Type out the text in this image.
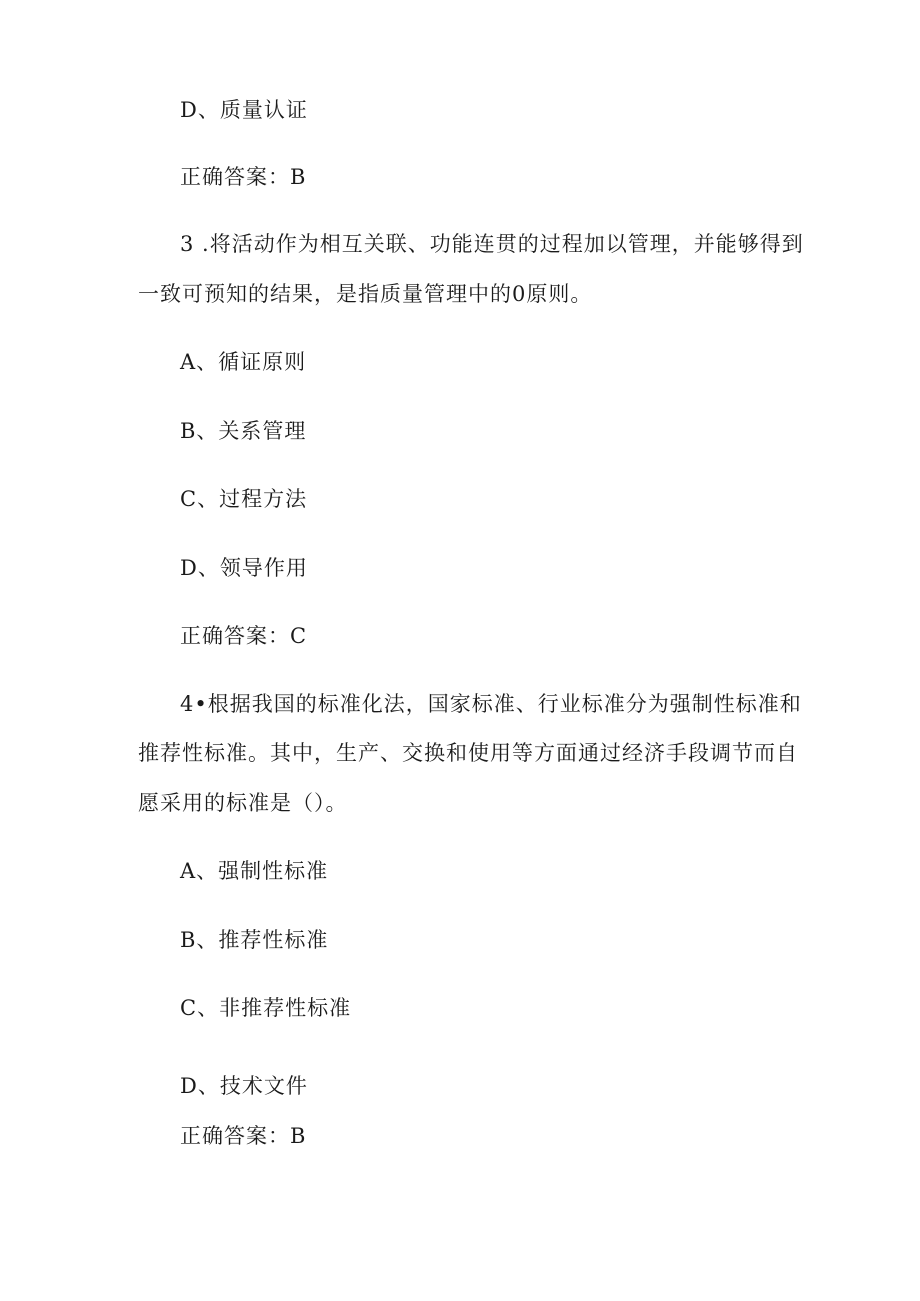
D、质量认证
正确答案：B
3 .将活动作为相互关联、功能连贯的过程加以管理，并能够得到
一致可预知的结果，是指质量管理中的0原则。
A、循证原则
B、关系管理
C、过程方法
D、领导作用
正确答案：C
4•根据我国的标准化法，国家标准、行业标准分为强制性标准和
推荐性标准。其中，生产、交换和使用等方面通过经济手段调节而自
愿采用的标准是（）。
A、强制性标准
B、推荐性标准
C、非推荐性标准
D、技术文件
正确答案：B
